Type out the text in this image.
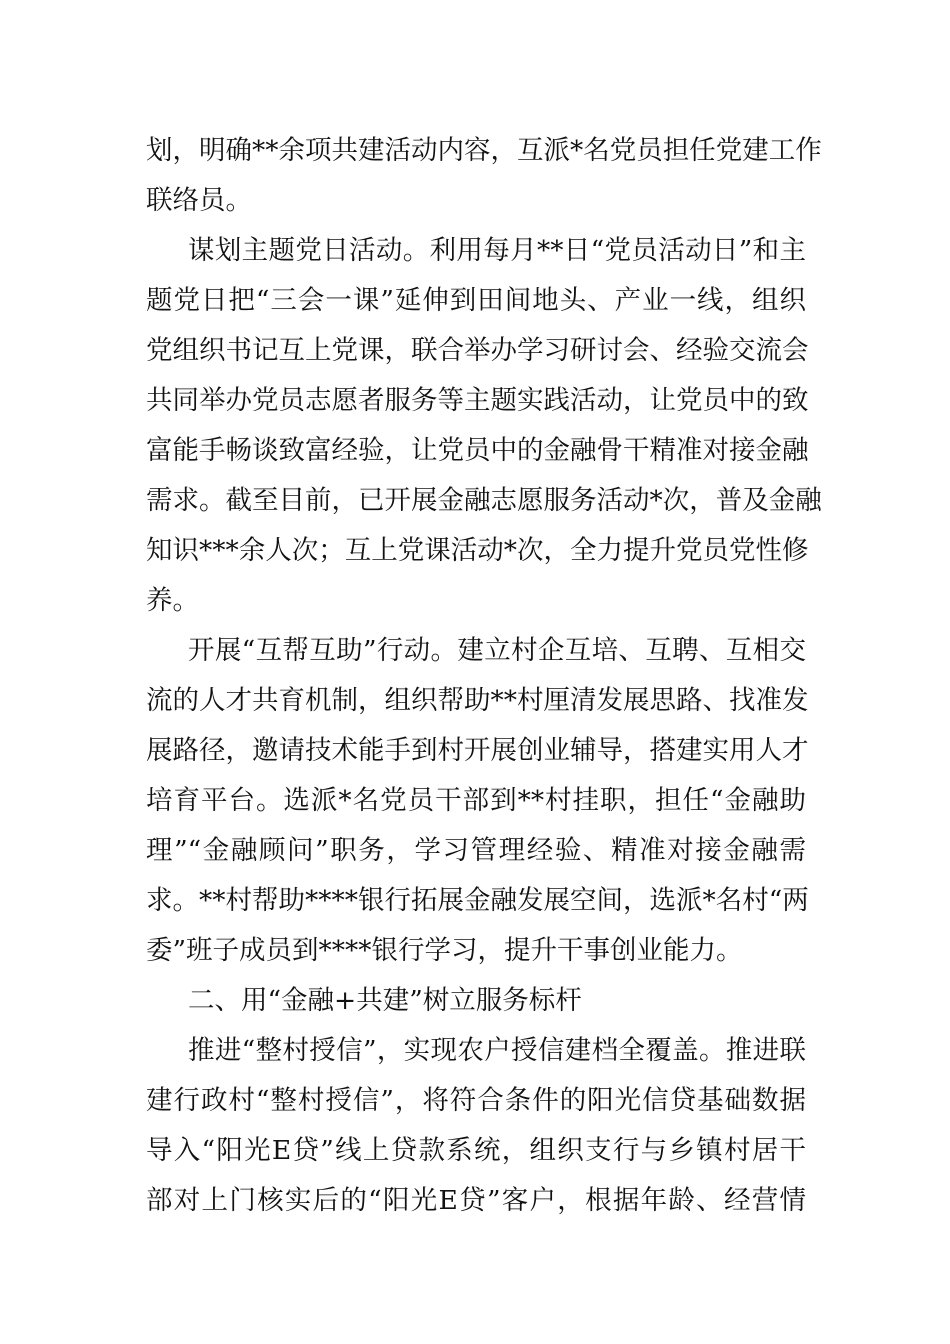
划，明确**余项共建活动内容，互派*名党员担任党建工作
联络员。
谋划主题党日活动。利用每月**日“党员活动日”和主
题党日把“三会一课”延伸到田间地头、产业一线，组织
党组织书记互上党课，联合举办学习研讨会、经验交流会
共同举办党员志愿者服务等主题实践活动，让党员中的致
富能手畅谈致富经验，让党员中的金融骨干精准对接金融
需求。截至目前，已开展金融志愿服务活动*次，普及金融
知识***余人次；互上党课活动*次，全力提升党员党性修
养。
开展“互帮互助”行动。建立村企互培、互聘、互相交
流的人才共育机制，组织帮助**村厘清发展思路、找准发
展路径，邀请技术能手到村开展创业辅导，搭建实用人才
培育平台。选派*名党员干部到**村挂职，担任“金融助
理”“金融顾问”职务，学习管理经验、精准对接金融需
求。**村帮助****银行拓展金融发展空间，选派*名村“两
委”班子成员到****银行学习，提升干事创业能力。
二、用“金融+共建”树立服务标杆
推进“整村授信”，实现农户授信建档全覆盖。推进联
建行政村“整村授信”，将符合条件的阳光信贷基础数据
导入“阳光E贷”线上贷款系统，组织支行与乡镇村居干
部对上门核实后的“阳光E贷”客户，根据年龄、经营情
